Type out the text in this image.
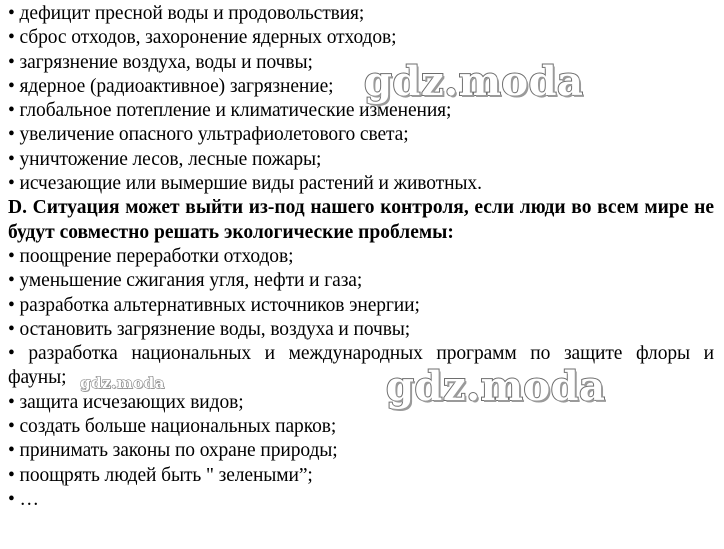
• дефицит пресной воды и продовольствия;
• сброс отходов, захоронение ядерных отходов;
• загрязнение воздуха, воды и почвы;
• ядерное (радиоактивное) загрязнение;
• глобальное потепление и климатические изменения;
• увеличение опасного ультрафиолетового света;
• уничтожение лесов, лесные пожары;
• исчезающие или вымершие виды растений и животных.
D. Ситуация может выйти из-под нашего контроля, если люди во всем мире не будут совместно решать экологические проблемы:
• поощрение переработки отходов;
• уменьшение сжигания угля, нефти и газа;
• разработка альтернативных источников энергии;
• остановить загрязнение воды, воздуха и почвы;
• разработка национальных и международных программ по защите флоры и
фауны;
• защита исчезающих видов;
• создать больше национальных парков;
• принимать законы по охране природы;
• поощрять людей быть " зелеными”;
• …
gdz.moda
gdz.moda
gdz.moda
